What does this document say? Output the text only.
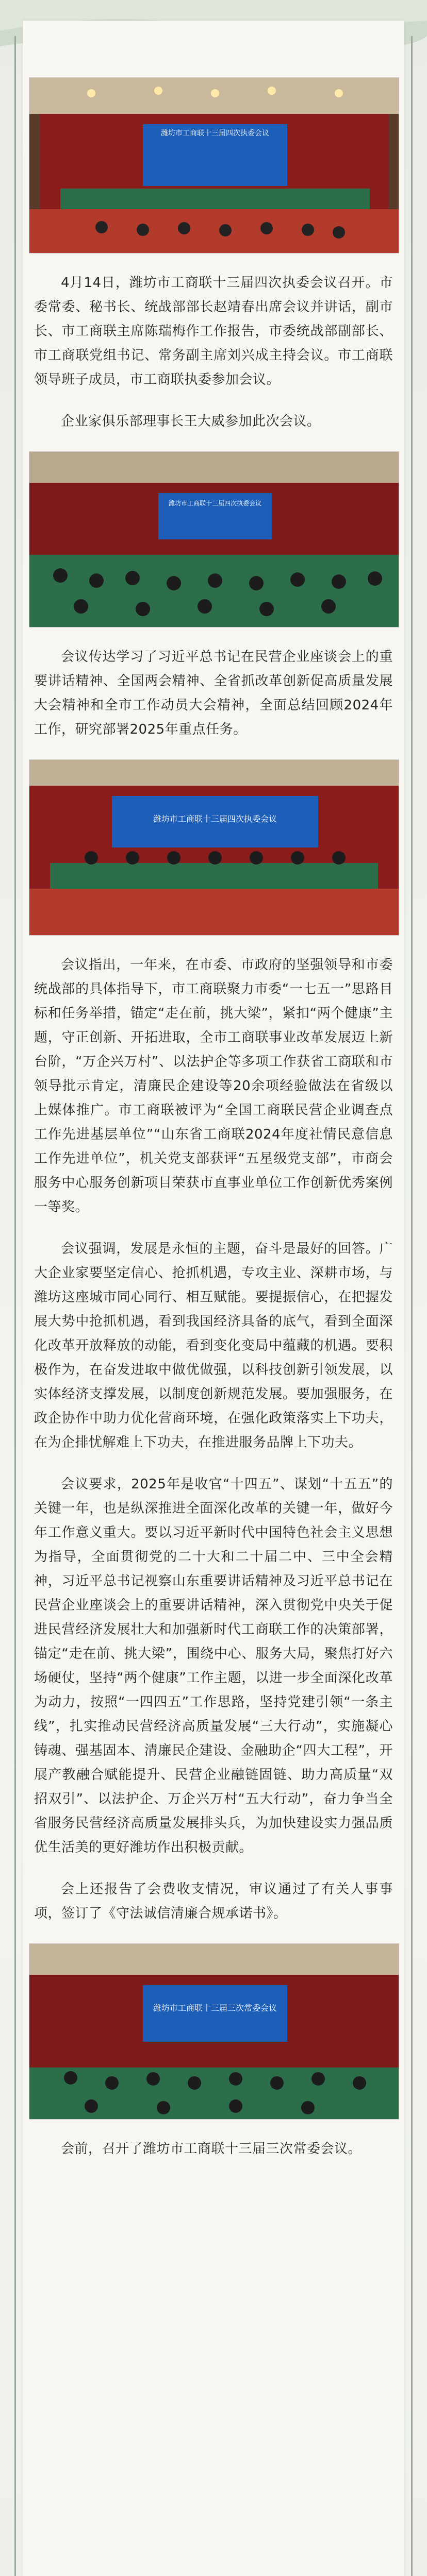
潍坊市工商联十三届四次执委会议

4月14日，潍坊市工商联十三届四次执委会议召开。市委常委、秘书长、统战部部长赵靖春出席会议并讲话，副市长、市工商联主席陈瑞梅作工作报告，市委统战部副部长、市工商联党组书记、常务副主席刘兴成主持会议。市工商联领导班子成员，市工商联执委参加会议。

企业家俱乐部理事长王大威参加此次会议。

潍坊市工商联十三届四次执委会议

会议传达学习了习近平总书记在民营企业座谈会上的重要讲话精神、全国两会精神、全省抓改革创新促高质量发展大会精神和全市工作动员大会精神，全面总结回顾2024年工作，研究部署2025年重点任务。

潍坊市工商联十三届四次执委会议

会议指出，一年来，在市委、市政府的坚强领导和市委统战部的具体指导下，市工商联聚力市委“一七五一”思路目标和任务举措，锚定“走在前，挑大梁”，紧扣“两个健康”主题，守正创新、开拓进取，全市工商联事业改革发展迈上新台阶，“万企兴万村”、以法护企等多项工作获省工商联和市领导批示肯定，清廉民企建设等20余项经验做法在省级以上媒体推广。市工商联被评为“全国工商联民营企业调查点工作先进基层单位”“山东省工商联2024年度社情民意信息工作先进单位”，机关党支部获评“五星级党支部”，市商会服务中心服务创新项目荣获市直事业单位工作创新优秀案例一等奖。

会议强调，发展是永恒的主题，奋斗是最好的回答。广大企业家要坚定信心、抢抓机遇，专攻主业、深耕市场，与潍坊这座城市同心同行、相互赋能。要提振信心，在把握发展大势中抢抓机遇，看到我国经济具备的底气，看到全面深化改革开放释放的动能，看到变化变局中蕴藏的机遇。要积极作为，在奋发进取中做优做强，以科技创新引领发展，以实体经济支撑发展，以制度创新规范发展。要加强服务，在政企协作中助力优化营商环境，在强化政策落实上下功夫，在为企排忧解难上下功夫，在推进服务品牌上下功夫。

会议要求，2025年是收官“十四五”、谋划“十五五”的关键一年，也是纵深推进全面深化改革的关键一年，做好今年工作意义重大。要以习近平新时代中国特色社会主义思想为指导，全面贯彻党的二十大和二十届二中、三中全会精神，习近平总书记视察山东重要讲话精神及习近平总书记在民营企业座谈会上的重要讲话精神，深入贯彻党中央关于促进民营经济发展壮大和加强新时代工商联工作的决策部署，锚定“走在前、挑大梁”，围绕中心、服务大局，聚焦打好六场硬仗，坚持“两个健康”工作主题，以进一步全面深化改革为动力，按照“一四四五”工作思路，坚持党建引领“一条主线”，扎实推动民营经济高质量发展“三大行动”，实施凝心铸魂、强基固本、清廉民企建设、金融助企“四大工程”，开展产教融合赋能提升、民营企业融链固链、助力高质量“双招双引”、以法护企、万企兴万村“五大行动”，奋力争当全省服务民营经济高质量发展排头兵，为加快建设实力强品质优生活美的更好潍坊作出积极贡献。

会上还报告了会费收支情况，审议通过了有关人事事项，签订了《守法诚信清廉合规承诺书》。

潍坊市工商联十三届三次常委会议

会前，召开了潍坊市工商联十三届三次常委会议。
